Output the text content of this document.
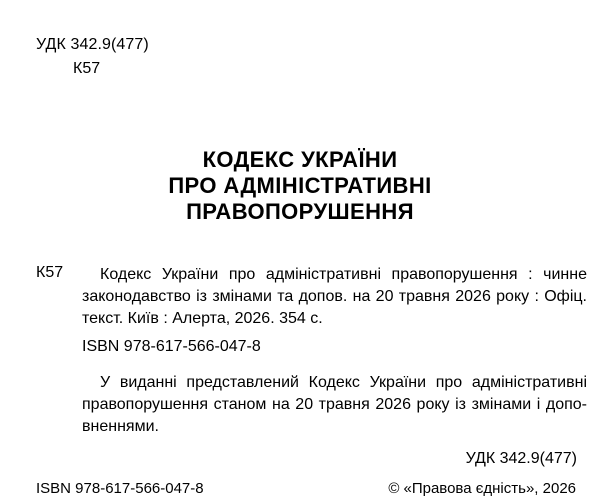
УДК 342.9(477)
К57
КОДЕКС УКРАЇНИ
ПРО АДМІНІСТРАТИВНІ
ПРАВОПОРУШЕННЯ
К57	Кодекс України про адміністративні правопорушення : чинне
законодавство із змінами та допов. на 20 травня 2026 року : Офіц.
текст. Київ : Алерта, 2026. 354 с.
ISBN 978-617-566-047-8
У виданні представлений Кодекс України про адміністративні
правопорушення станом на 20 травня 2026 року із змінами і допо-
вненнями.
УДК 342.9(477)
ISBN 978-617-566-047-8	© «Правова єдність», 2026
